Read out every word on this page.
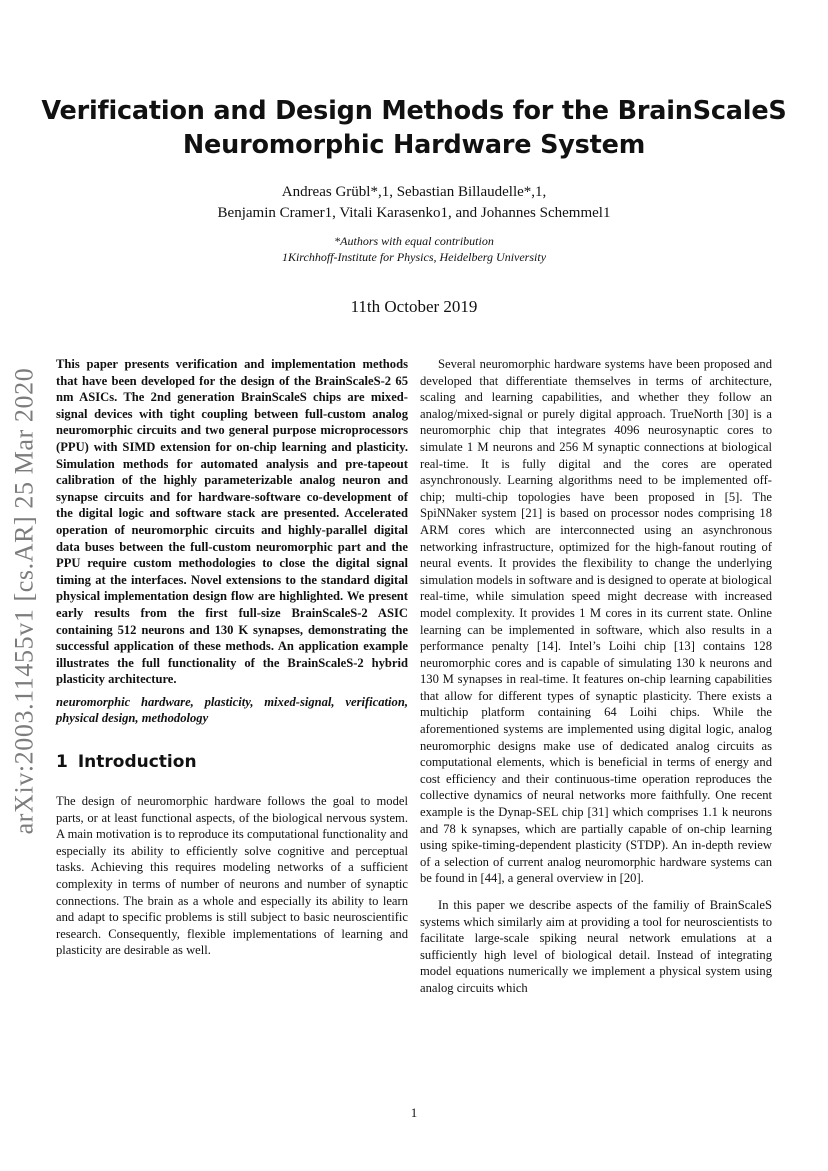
arXiv:2003.11455v1 [cs.AR] 25 Mar 2020
Verification and Design Methods for the BrainScaleS
Neuromorphic Hardware System
Andreas Grübl*,1, Sebastian Billaudelle*,1,
Benjamin Cramer1, Vitali Karasenko1, and Johannes Schemmel1
*Authors with equal contribution
1Kirchhoff-Institute for Physics, Heidelberg University
11th October 2019

This paper presents verification and implementation methods that have been developed for the design of the BrainScaleS-2 65 nm ASICs. The 2nd generation BrainScaleS chips are mixed-signal devices with tight coupling between full-custom analog neuromorphic circuits and two general purpose microprocessors (PPU) with SIMD extension for on-chip learning and plasticity. Simulation methods for automated analysis and pre-tapeout calibration of the highly parameterizable analog neuron and synapse circuits and for hardware-software co-development of the digital logic and software stack are presented. Accelerated operation of neuromorphic circuits and highly-parallel digital data buses between the full-custom neuromorphic part and the PPU require custom methodologies to close the digital signal timing at the interfaces. Novel extensions to the standard digital physical implementation design flow are highlighted. We present early results from the first full-size BrainScaleS-2 ASIC containing 512 neurons and 130 K synapses, demonstrating the successful application of these methods. An application example illustrates the full functionality of the BrainScaleS-2 hybrid plasticity architecture.

neuromorphic hardware, plasticity, mixed-signal, verification, physical design, methodology

1 Introduction

The design of neuromorphic hardware follows the goal to model parts, or at least functional aspects, of the biological nervous system. A main motivation is to reproduce its computational functionality and especially its ability to efficiently solve cognitive and perceptual tasks. Achieving this requires modeling networks of a sufficient complexity in terms of number of neurons and number of synaptic connections. The brain as a whole and especially its ability to learn and adapt to specific problems is still subject to basic neuroscientific research. Consequently, flexible implementations of learning and plasticity are desirable as well.

Several neuromorphic hardware systems have been proposed and developed that differentiate themselves in terms of architecture, scaling and learning capabilities, and whether they follow an analog/mixed-signal or purely digital approach. TrueNorth [30] is a neuromorphic chip that integrates 4096 neurosynaptic cores to simulate 1 M neurons and 256 M synaptic connections at biological real-time. It is fully digital and the cores are operated asynchronously. Learning algorithms need to be implemented off-chip; multi-chip topologies have been proposed in [5]. The SpiNNaker system [21] is based on processor nodes comprising 18 ARM cores which are interconnected using an asynchronous networking infrastructure, optimized for the high-fanout routing of neural events. It provides the flexibility to change the underlying simulation models in software and is designed to operate at biological real-time, while simulation speed might decrease with increased model complexity. It provides 1 M cores in its current state. Online learning can be implemented in software, which also results in a performance penalty [14]. Intel’s Loihi chip [13] contains 128 neuromorphic cores and is capable of simulating 130 k neurons and 130 M synapses in real-time. It features on-chip learning capabilities that allow for different types of synaptic plasticity. There exists a multichip platform containing 64 Loihi chips. While the aforementioned systems are implemented using digital logic, analog neuromorphic designs make use of dedicated analog circuits as computational elements, which is beneficial in terms of energy and cost efficiency and their continuous-time operation reproduces the collective dynamics of neural networks more faithfully. One recent example is the Dynap-SEL chip [31] which comprises 1.1 k neurons and 78 k synapses, which are partially capable of on-chip learning using spike-timing-dependent plasticity (STDP). An in-depth review of a selection of current analog neuromorphic hardware systems can be found in [44], a general overview in [20].

In this paper we describe aspects of the familiy of BrainScaleS systems which similarly aim at providing a tool for neuroscientists to facilitate large-scale spiking neural network emulations at a sufficiently high level of biological detail. Instead of integrating model equations numerically we implement a physical system using analog circuits which

1
